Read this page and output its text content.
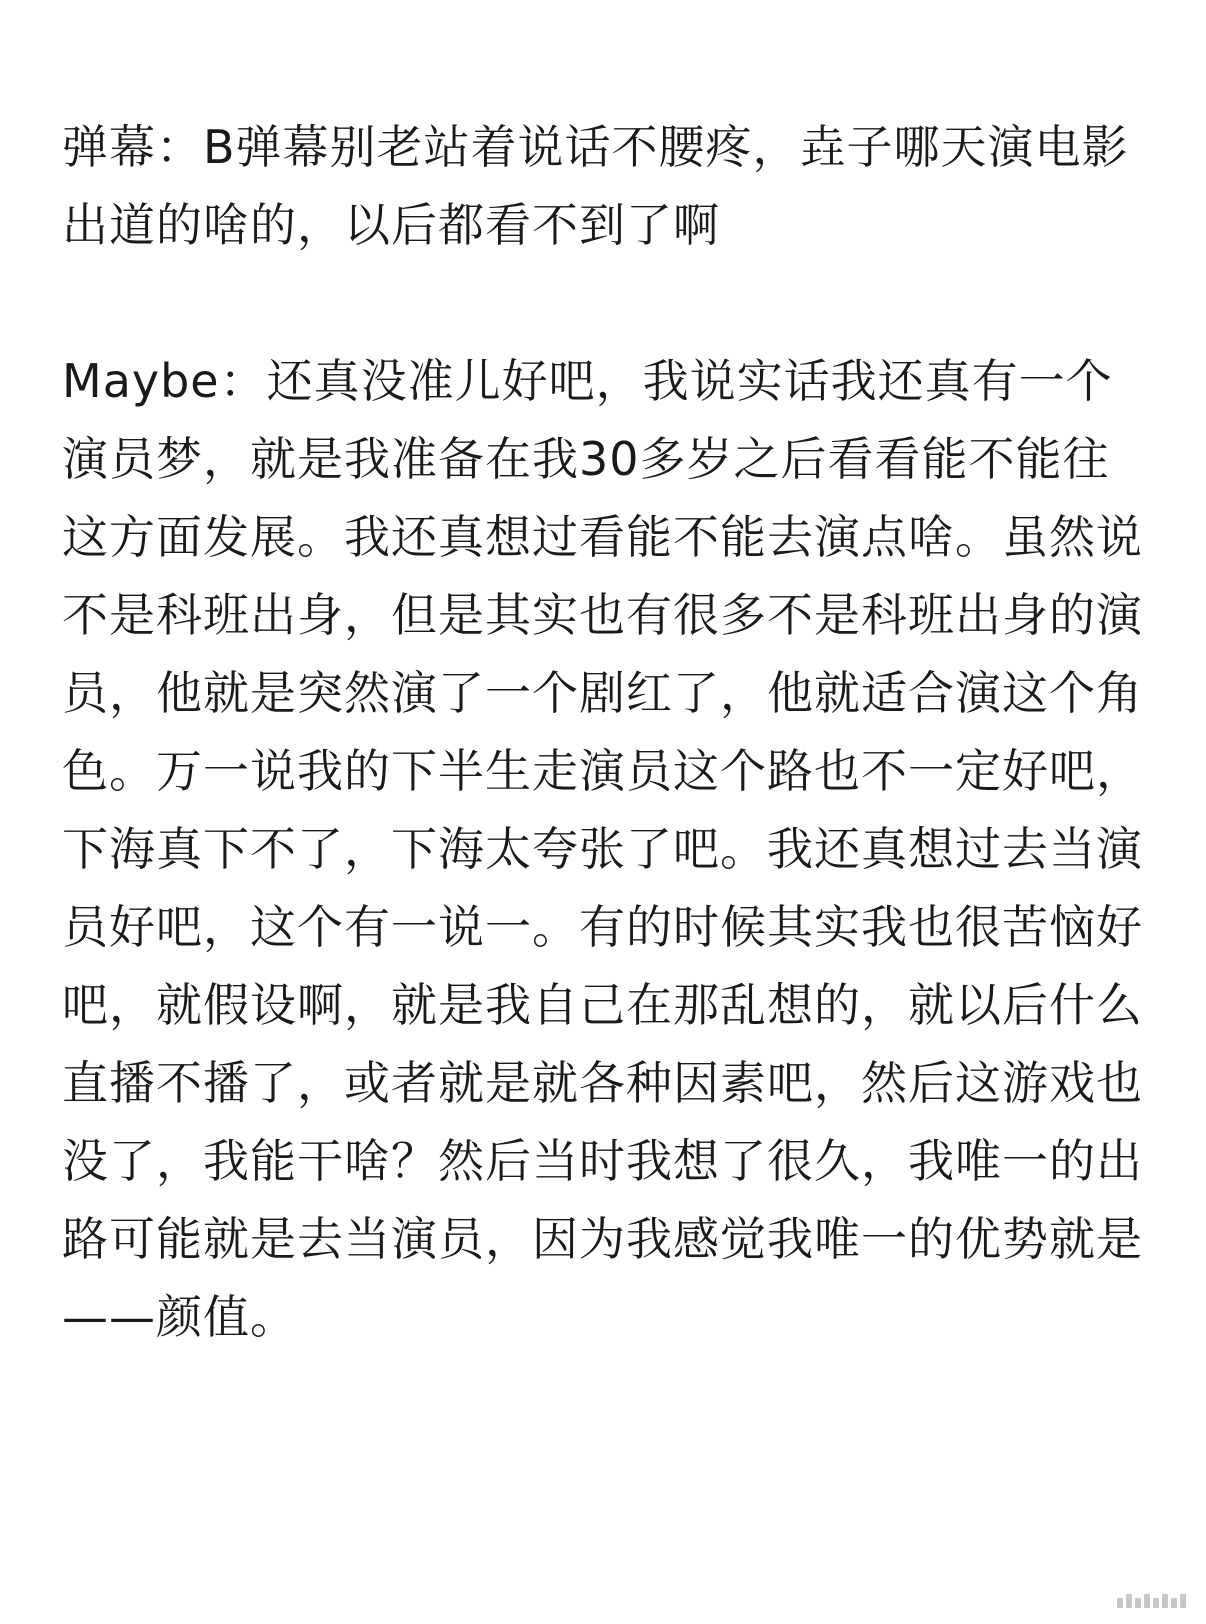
弹幕：B弹幕别老站着说话不腰疼，垚子哪天演电影出道的啥的，以后都看不到了啊

Maybe：还真没准儿好吧，我说实话我还真有一个演员梦，就是我准备在我30多岁之后看看能不能往这方面发展。我还真想过看能不能去演点啥。虽然说不是科班出身，但是其实也有很多不是科班出身的演员，他就是突然演了一个剧红了，他就适合演这个角色。万一说我的下半生走演员这个路也不一定好吧，下海真下不了，下海太夸张了吧。我还真想过去当演员好吧，这个有一说一。有的时候其实我也很苦恼好吧，就假设啊，就是我自己在那乱想的，就以后什么直播不播了，或者就是就各种因素吧，然后这游戏也没了，我能干啥？然后当时我想了很久，我唯一的出路可能就是去当演员，因为我感觉我唯一的优势就是——颜值。
